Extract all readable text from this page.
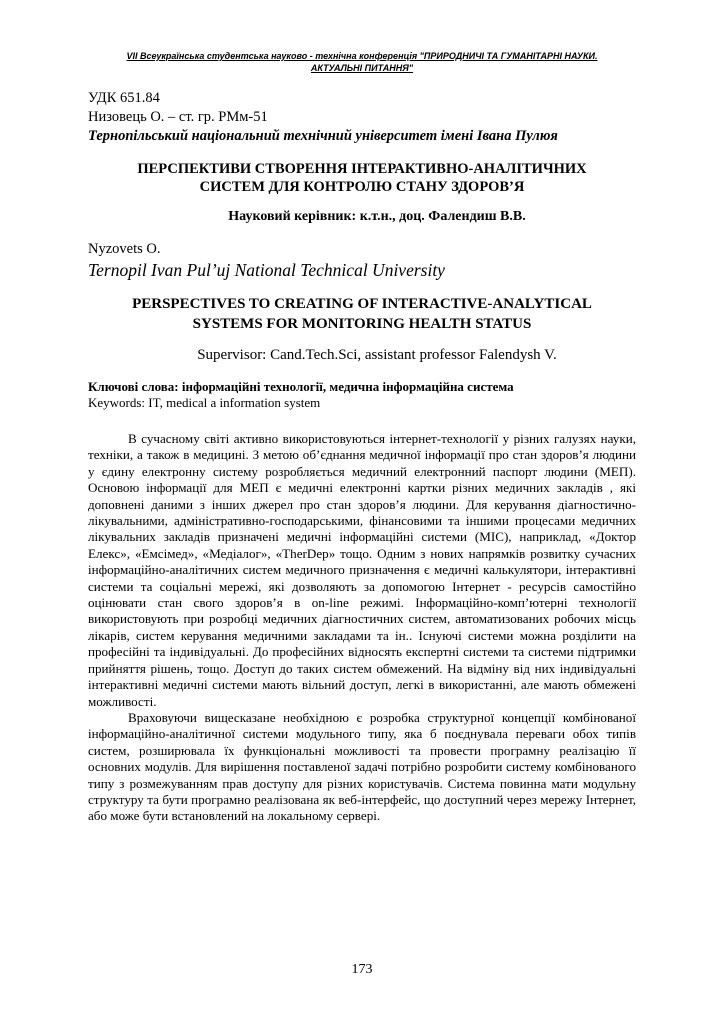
VII Всеукраїнська студентська науково - технічна конференція "ПРИРОДНИЧІ ТА ГУМАНІТАРНІ НАУКИ.
АКТУАЛЬНІ ПИТАННЯ"
УДК 651.84
Низовець О. – ст. гр. РМм-51
Тернопільський національний технічний університет імені Івана Пулюя
ПЕРСПЕКТИВИ СТВОРЕННЯ ІНТЕРАКТИВНО-АНАЛІТИЧНИХ
СИСТЕМ ДЛЯ КОНТРОЛЮ СТАНУ ЗДОРОВ’Я
Науковий керівник: к.т.н., доц. Фалендиш В.В.
Nyzovets O.
Ternopil Ivan Pul’uj National Technical University
PERSPECTIVES TO CREATING OF INTERACTIVE-ANALYTICAL
SYSTEMS FOR MONITORING HEALTH STATUS
Supervisor: Cand.Tech.Sci, assistant professor Falendysh V.
Ключові слова: інформаційні технології, медична інформаційна система
Keywords: IT, medical a information system

В сучасному світі активно використовуються інтернет-технології у різних галузях науки, техніки, а також в медицині. З метою об’єднання медичної інформації про стан здоров’я людини у єдину електронну систему розробляється медичний електронний паспорт людини (МЕП). Основою інформації для МЕП є медичні електронні картки різних медичних закладів , які доповнені даними з інших джерел про стан здоров’я людини. Для керування діагностично-лікувальними, адміністративно-господарськими, фінансовими та іншими процесами медичних лікувальних закладів призначені медичні інформаційні системи (МІС), наприклад, «Доктор Елекс», «Емсімед», «Медіалог», «TherDep» тощо. Одним з нових напрямків розвитку сучасних інформаційно-аналітичних систем медичного призначення є медичні калькулятори, інтерактивні системи та соціальні мережі, які дозволяють за допомогою Інтернет - ресурсів самостійно оцінювати стан свого здоров’я в on-line режимі. Інформаційно-комп’ютерні технології використовують при розробці медичних діагностичних систем, автоматизованих робочих місць лікарів, систем керування медичними закладами та ін.. Існуючі системи можна розділити на професійні та індивідуальні. До професійних відносять експертні системи та системи підтримки прийняття рішень, тощо. Доступ до таких систем обмежений. На відміну від них індивідуальні інтерактивні медичні системи мають вільний доступ, легкі в використанні, але мають обмежені можливості.

Враховуючи вищесказане необхідною є розробка структурної концепції комбінованої інформаційно-аналітичної системи модульного типу, яка б поєднувала переваги обох типів систем, розширювала їх функціональні можливості та провести програмну реалізацію її основних модулів. Для вирішення поставленої задачі потрібно розробити систему комбінованого типу з розмежуванням прав доступу для різних користувачів. Система повинна мати модульну структуру та бути програмно реалізована як веб-інтерфейс, що доступний через мережу Інтернет, або може бути встановлений на локальному сервері.

173
